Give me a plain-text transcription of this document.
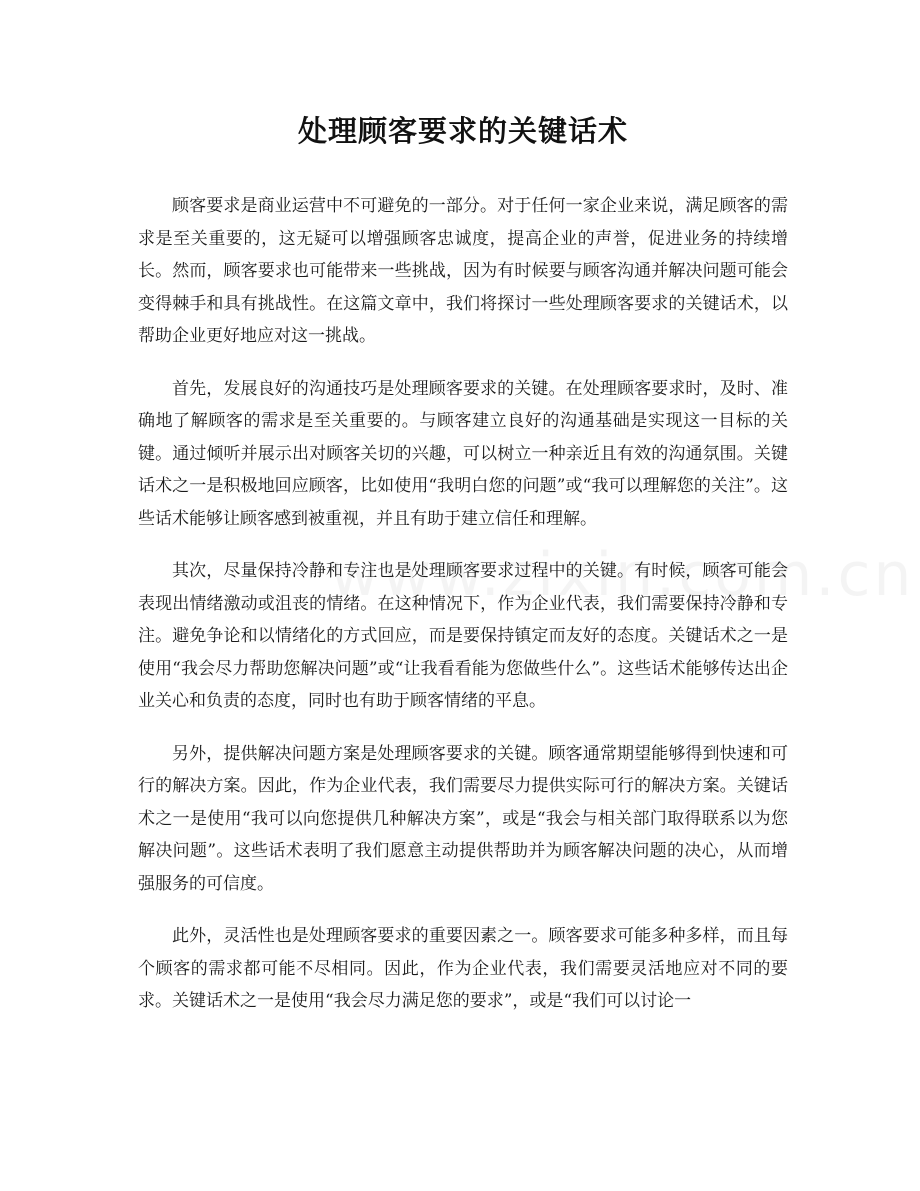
处理顾客要求的关键话术

顾客要求是商业运营中不可避免的一部分。对于任何一家企业来说，满足顾客的需求是至关重要的，这无疑可以增强顾客忠诚度，提高企业的声誉，促进业务的持续增长。然而，顾客要求也可能带来一些挑战，因为有时候要与顾客沟通并解决问题可能会变得棘手和具有挑战性。在这篇文章中，我们将探讨一些处理顾客要求的关键话术，以帮助企业更好地应对这一挑战。

首先，发展良好的沟通技巧是处理顾客要求的关键。在处理顾客要求时，及时、准确地了解顾客的需求是至关重要的。与顾客建立良好的沟通基础是实现这一目标的关键。通过倾听并展示出对顾客关切的兴趣，可以树立一种亲近且有效的沟通氛围。关键话术之一是积极地回应顾客，比如使用“我明白您的问题”或“我可以理解您的关注”。这些话术能够让顾客感到被重视，并且有助于建立信任和理解。

其次，尽量保持冷静和专注也是处理顾客要求过程中的关键。有时候，顾客可能会表现出情绪激动或沮丧的情绪。在这种情况下，作为企业代表，我们需要保持冷静和专注。避免争论和以情绪化的方式回应，而是要保持镇定而友好的态度。关键话术之一是使用“我会尽力帮助您解决问题”或“让我看看能为您做些什么”。这些话术能够传达出企业关心和负责的态度，同时也有助于顾客情绪的平息。

另外，提供解决问题方案是处理顾客要求的关键。顾客通常期望能够得到快速和可行的解决方案。因此，作为企业代表，我们需要尽力提供实际可行的解决方案。关键话术之一是使用“我可以向您提供几种解决方案”，或是“我会与相关部门取得联系以为您解决问题”。这些话术表明了我们愿意主动提供帮助并为顾客解决问题的决心，从而增强服务的可信度。

此外，灵活性也是处理顾客要求的重要因素之一。顾客要求可能多种多样，而且每个顾客的需求都可能不尽相同。因此，作为企业代表，我们需要灵活地应对不同的要求。关键话术之一是使用“我会尽力满足您的要求”，或是“我们可以讨论一
